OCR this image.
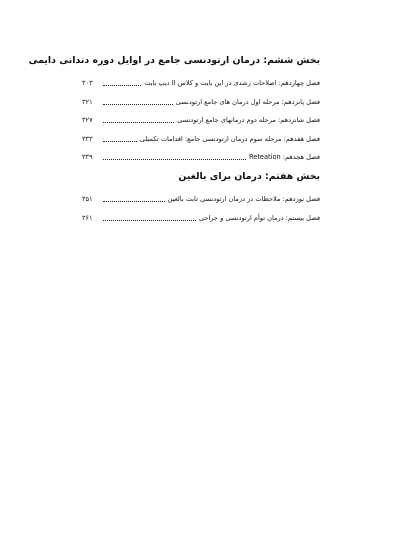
بخش ششم: درمان ارتودنسی جامع در اوایل دوره دندانی دایمی
فصل چهاردهم: اصلاحات رشدی در اپن بایت و کلاس II دیپ بایت
۳۰۳
فصل پانزدهم: مرحله اول درمان های جامع ارتودنسی
۳۲۱
فصل شانزدهم: مرحله دوم درمانهای جامع ارتودنسی
۳۲۷
فصل هفدهم: مرحله سوم درمان ارتودنسی جامع: اقدامات تکمیلی
۳۳۳
فصل هجدهم: Reteation
۳۳۹
بخش هفتم: درمان برای بالغین
فصل نوزدهم: ملاحظات در درمان ارتودنسی ثابت بالغین
۳۵۱
فصل بیستم: درمان توأم ارتودنسی و جراحی
۳۶۱
